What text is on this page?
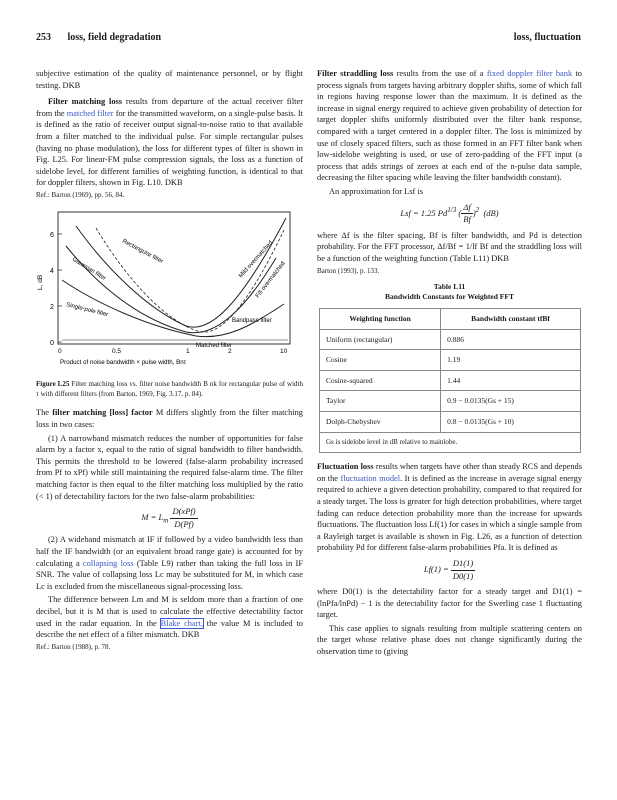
253 loss, field degradation	loss, fluctuation

subjective estimation of the quality of maintenance personnel, or by flight testing. DKB

Filter matching loss results from departure of the actual receiver filter from the matched filter for the transmitted waveform, on a single-pulse basis. It is defined as the ratio of receiver output signal-to-noise ratio to that available from a filter matched to the individual pulse. For simple rectangular pulses (having no phase modulation), the loss for different types of filter is shown in Fig. L25. For linear-FM pulse compression signals, the loss as a function of sidelobe level, for different families of weighting function, is identical to that for doppler filters, shown in Fig. L10. DKB

Ref.: Barton (1969), pp. 56, 84.

6
4
2
0
L, dB
0	0.5	1	2	10
Product of noise bandwidth × pulse width, Bnτ
Rectangular filter
Gaussian filter
Single-pole filter
Bandpass filter
Matched filter
Mild overmatched
Fill overmatched

Figure L25 Filter matching loss vs. filter noise bandwidth B nk for rectangular pulse of width τ with different filters (from Barton, 1969, Fig. 3.17, p. 84).

The filter matching [loss] factor M differs slightly from the filter matching loss in two cases:

(1) A narrowband mismatch reduces the number of opportunities for false alarm by a factor x, equal to the ratio of signal bandwidth to filter bandwidth. This permits the threshold to be lowered (false-alarm probability increased from Pf to xPf) while still maintaining the required false-alarm time. The filter matching factor is then equal to the filter matching loss multiplied by the ratio (< 1) of detectability factors for the two false-alarm probabilities:

$M = L_m \frac{\text{D(xPf)}}{D(Pf)}$

(2) A wideband mismatch at IF if followed by a video bandwidth less than half the IF bandwidth (or an equivalent broad range gate) is accounted for by calculating a collapsing loss (Table L9) rather than taking the full loss in IF SNR. The value of collapsing loss Lc may be substituted for M, in which case Lc is excluded from the miscellaneous signal-processing loss.

The difference between Lm and M is seldom more than a fraction of one decibel, but it is M that is used to calculate the effective detectability factor used in the radar equation. In the Blake chart, the value M is included to describe the net effect of a filter mismatch. DKB

Ref.: Barton (1988), p. 78.

Filter straddling loss results from the use of a fixed doppler filter bank to process signals from targets having arbitrary doppler shifts, some of which fall in regions having response lower than the maximum. It is defined as the increase in signal energy required to achieve given probability of detection for target doppler shifts uniformly distributed over the filter bank response, compared with a target centered in a doppler filter. The loss is minimized by use of closely spaced filters, such as those formed in an FFT filter bank when low-sidelobe weighting is used, or use of zero-padding of the FFT input (a process that adds strings of zeroes at each end of the n-pulse data sample, decreasing the filter spacing while leaving the filter bandwidth constant).

An approximation for Lsf is

Lsf = 1.25 $Pd^{1/3}$ ( $\frac{\Delta f}{Bf} )^2$ (dB)

where Δf is the filter spacing, Bf is filter bandwidth, and Pd is detection probability. For the FFT processor, Δf/Bf = 1/lf Bf and the straddling loss will be a function of the weighting function (Table L11) DKB

Barton (1993), p. 133.

Table L11
Bandwidth Constants for Weighted FFT
Weighting function	Bandwidth constant tfBf
Uniform (rectangular)	0.886
Cosine	1.19
Cosine-squared	1.44
Taylor	0.9 − 0.0135(Gs + 15)
Dolph-Chebyshev	0.8 − 0.0135(Gs + 10)
Gs is sidelobe level in dB relative to mainlobe.	

Fluctuation loss results when targets have other than steady RCS and depends on the fluctuation model. It is defined as the increase in average signal energy required to achieve a given detection probability, compared to that required for a steady target. The loss is greater for high detection probabilities, where target fading can reduce detection probability more than the increase for upwards fluctuations. The fluctuation loss Lf(1) for cases in which a single sample from a Rayleigh target is available is shown in Fig. L26, as a function of detection probability Pd for different false-alarm probabilities Pfa. It is defined as

$Lf(1) = \frac{D1(1)}{D0(1)}$

where D0(1) is the detectability factor for a steady target and D1(1) = (lnPfa/lnPd) − 1 is the detectability factor for the Swerling case 1 fluctuating target.

This case applies to signals resulting from multiple scattering centers on the target whose relative phase does not change significantly during the observation time to (giving
